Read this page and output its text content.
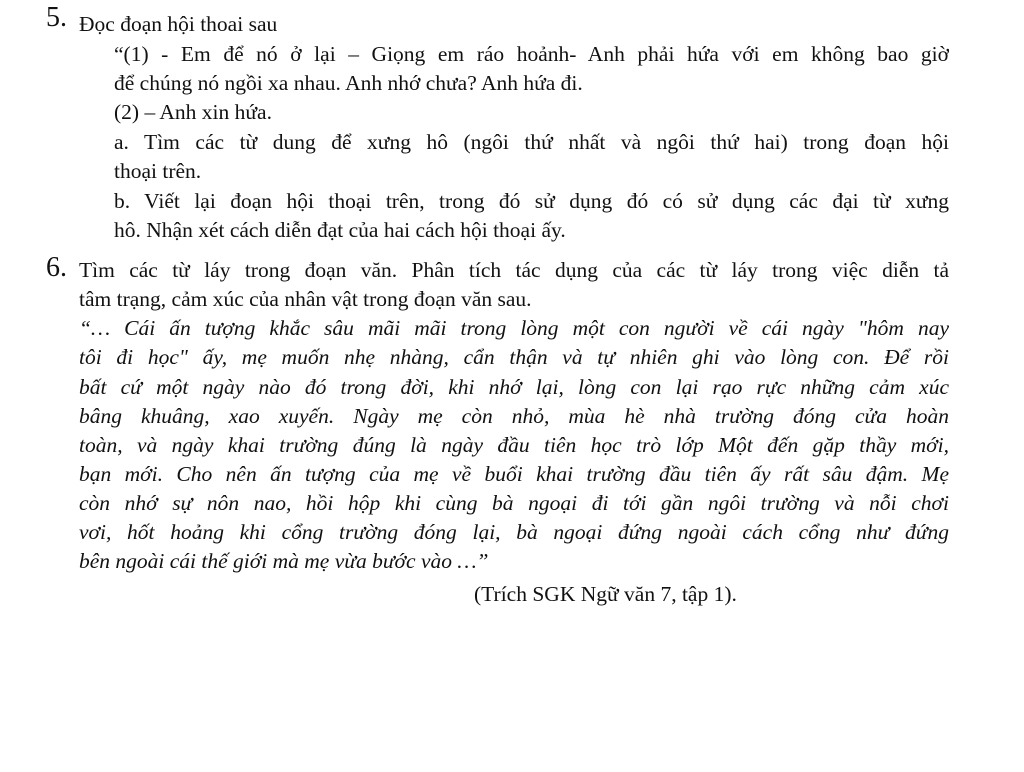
5. Đọc đoạn hội thoai sau
“(1) - Em để nó ở lại – Giọng em ráo hoảnh- Anh phải hứa với em không bao giờ
để chúng nó ngồi xa nhau. Anh nhớ chưa? Anh hứa đi.
(2) – Anh xin hứa.
a. Tìm các từ dung để xưng hô (ngôi thứ nhất và ngôi thứ hai) trong đoạn hội
thoại trên.
b. Viết lại đoạn hội thoại trên, trong đó sử dụng đó có sử dụng các đại từ xưng
hô. Nhận xét cách diễn đạt của hai cách hội thoại ấy.
6. Tìm các từ láy trong đoạn văn. Phân tích tác dụng của các từ láy trong việc diễn tả
tâm trạng, cảm xúc của nhân vật trong đoạn văn sau.
“… Cái ấn tượng khắc sâu mãi mãi trong lòng một con người về cái ngày "hôm nay
tôi đi học" ấy, mẹ muốn nhẹ nhàng, cẩn thận và tự nhiên ghi vào lòng con. Để rồi
bất cứ một ngày nào đó trong đời, khi nhớ lại, lòng con lại rạo rực những cảm xúc
bâng khuâng, xao xuyến. Ngày mẹ còn nhỏ, mùa hè nhà trường đóng cửa hoàn
toàn, và ngày khai trường đúng là ngày đầu tiên học trò lớp Một đến gặp thầy mới,
bạn mới. Cho nên ấn tượng của mẹ về buổi khai trường đầu tiên ấy rất sâu đậm. Mẹ
còn nhớ sự nôn nao, hồi hộp khi cùng bà ngoại đi tới gần ngôi trường và nỗi chơi
vơi, hốt hoảng khi cổng trường đóng lại, bà ngoại đứng ngoài cách cổng như đứng
bên ngoài cái thế giới mà mẹ vừa bước vào …”
(Trích SGK Ngữ văn 7, tập 1).
